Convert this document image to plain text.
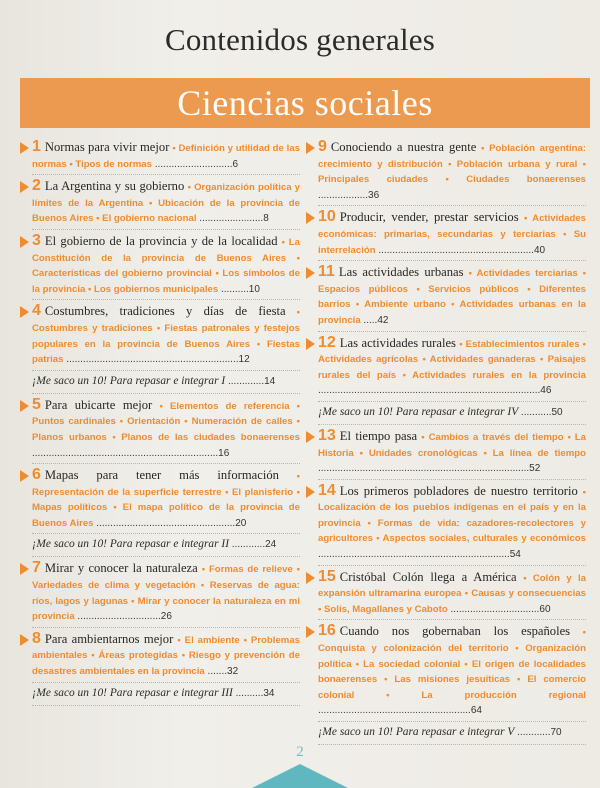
Contenidos generales
Ciencias sociales
1 Normas para vivir mejor • Definición y utilidad de las normas • Tipos de normas ............................6
2 La Argentina y su gobierno • Organización política y límites de la Argentina • Ubicación de la provincia de Buenos Aires • El gobierno nacional .......................8
3 El gobierno de la provincia y de la localidad • La Constitución de la provincia de Buenos Aires • Características del gobierno provincial • Los símbolos de la provincia • Los gobiernos municipales ..........10
4 Costumbres, tradiciones y días de fiesta • Costumbres y tradiciones • Fiestas patronales y festejos populares en la provincia de Buenos Aires • Fiestas patrias ..............................................................12
¡Me saco un 10! Para repasar e integrar I .............14
5 Para ubicarte mejor • Elementos de referencia • Puntos cardinales • Orientación • Numeración de calles • Planos urbanos • Planos de las ciudades bonaerenses ...................................................................16
6 Mapas para tener más información • Representación de la superficie terrestre • El planisferio • Mapas políticos • El mapa político de la provincia de Buenos Aires ..................................................20
¡Me saco un 10! Para repasar e integrar II ............24
7 Mirar y conocer la naturaleza • Formas de relieve • Variedades de clima y vegetación • Reservas de agua: ríos, lagos y lagunas • Mirar y conocer la naturaleza en mi provincia ..............................26
8 Para ambientarnos mejor • El ambiente • Problemas ambientales • Áreas protegidas • Riesgo y prevención de desastres ambientales en la provincia .......32
¡Me saco un 10! Para repasar e integrar III ..........34
9 Conociendo a nuestra gente • Población argentina: crecimiento y distribución • Población urbana y rural • Principales ciudades • Ciudades bonaerenses ..................36
10 Producir, vender, prestar servicios • Actividades económicas: primarias, secundarias y terciarias • Su interrelación ........................................................40
11 Las actividades urbanas • Actividades terciarias • Espacios públicos • Servicios públicos • Diferentes barrios • Ambiente urbano • Actividades urbanas en la provincia .....42
12 Las actividades rurales • Establecimientos rurales • Actividades agrícolas • Actividades ganaderas • Paisajes rurales del país • Actividades rurales en la provincia ................................................................................46
¡Me saco un 10! Para repasar e integrar IV ...........50
13 El tiempo pasa • Cambios a través del tiempo • La Historia • Unidades cronológicas • La línea de tiempo ............................................................................52
14 Los primeros pobladores de nuestro territorio • Localización de los pueblos indígenas en el país y en la provincia • Formas de vida: cazadores-recolectores y agricultores • Aspectos sociales, culturales y económicos .....................................................................54
15 Cristóbal Colón llega a América • Colón y la expansión ultramarina europea • Causas y consecuencias • Solís, Magallanes y Caboto ................................60
16 Cuando nos gobernaban los españoles • Conquista y colonización del territorio • Organización política • La sociedad colonial • El origen de localidades bonaerenses • Las misiones jesuíticas • El comercio colonial • La producción regional .......................................................64
¡Me saco un 10! Para repasar e integrar V ............70
2
